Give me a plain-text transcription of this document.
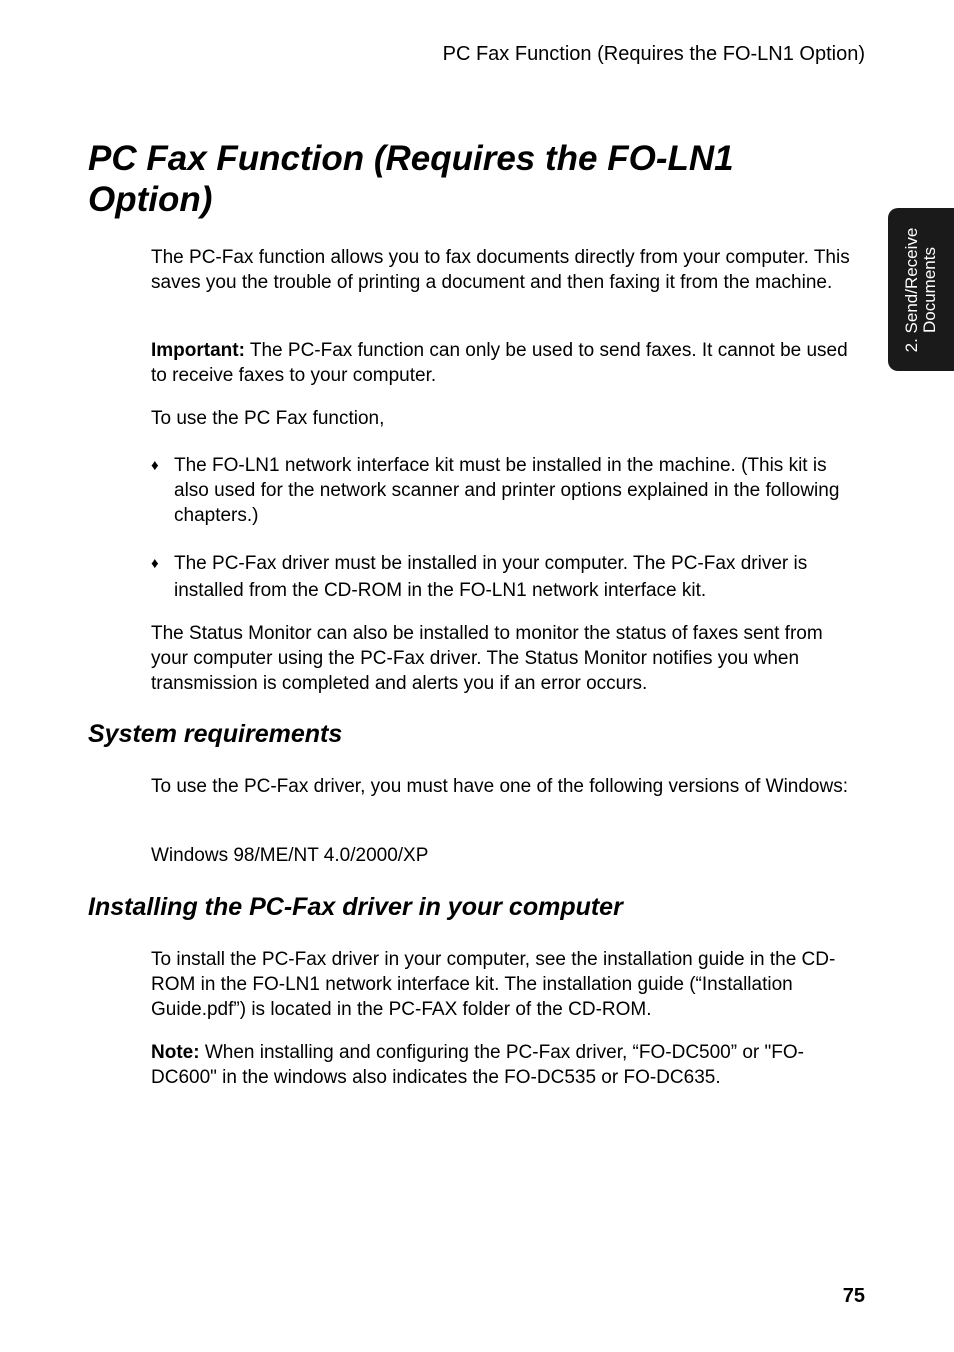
PC Fax Function (Requires the FO-LN1 Option)
PC Fax Function (Requires the FO-LN1 Option)
2. Send/Receive Documents

The PC-Fax function allows you to fax documents directly from your computer. This saves you the trouble of printing a document and then faxing it from the machine.

Important: The PC-Fax function can only be used to send faxes. It cannot be used to receive faxes to your computer.

To use the PC Fax function,

♦ The FO-LN1 network interface kit must be installed in the machine. (This kit is also used for the network scanner and printer options explained in the following chapters.)
♦ The PC-Fax driver must be installed in your computer. The PC-Fax driver is installed from the CD-ROM in the FO-LN1 network interface kit.

The Status Monitor can also be installed to monitor the status of faxes sent from your computer using the PC-Fax driver. The Status Monitor notifies you when transmission is completed and alerts you if an error occurs.

System requirements

To use the PC-Fax driver, you must have one of the following versions of Windows:

Windows 98/ME/NT 4.0/2000/XP

Installing the PC-Fax driver in your computer

To install the PC-Fax driver in your computer, see the installation guide in the CD-ROM in the FO-LN1 network interface kit. The installation guide (“Installation Guide.pdf”) is located in the PC-FAX folder of the CD-ROM.

Note: When installing and configuring the PC-Fax driver, “FO-DC500” or "FO-DC600" in the windows also indicates the FO-DC535 or FO-DC635.

75
